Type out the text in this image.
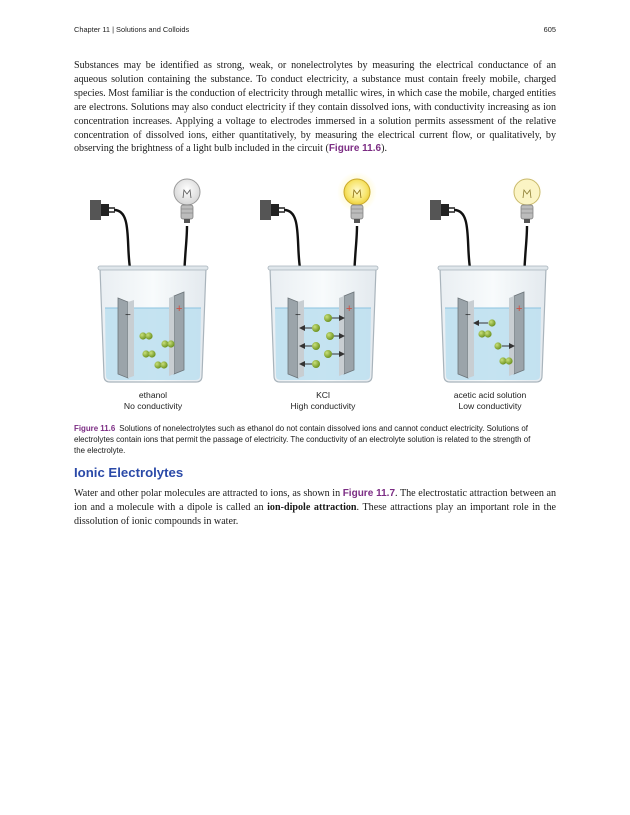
Chapter 11 | Solutions and Colloids	605

Substances may be identified as strong, weak, or nonelectrolytes by measuring the electrical conductance of an aqueous solution containing the substance. To conduct electricity, a substance must contain freely mobile, charged species. Most familiar is the conduction of electricity through metallic wires, in which case the mobile, charged entities are electrons. Solutions may also conduct electricity if they contain dissolved ions, with conductivity increasing as ion concentration increases. Applying a voltage to electrodes immersed in a solution permits assessment of the relative concentration of dissolved ions, either quantitatively, by measuring the electrical current flow, or qualitatively, by observing the brightness of a light bulb included in the circuit (Figure 11.6).

−
+
−
+
−
+
ethanol
No conductivity
KCl
High conductivity
acetic acid solution
Low conductivity

Figure 11.6 Solutions of nonelectrolytes such as ethanol do not contain dissolved ions and cannot conduct electricity. Solutions of electrolytes contain ions that permit the passage of electricity. The conductivity of an electrolyte solution is related to the strength of the electrolyte.

Ionic Electrolytes

Water and other polar molecules are attracted to ions, as shown in Figure 11.7. The electrostatic attraction between an ion and a molecule with a dipole is called an ion-dipole attraction. These attractions play an important role in the dissolution of ionic compounds in water.
